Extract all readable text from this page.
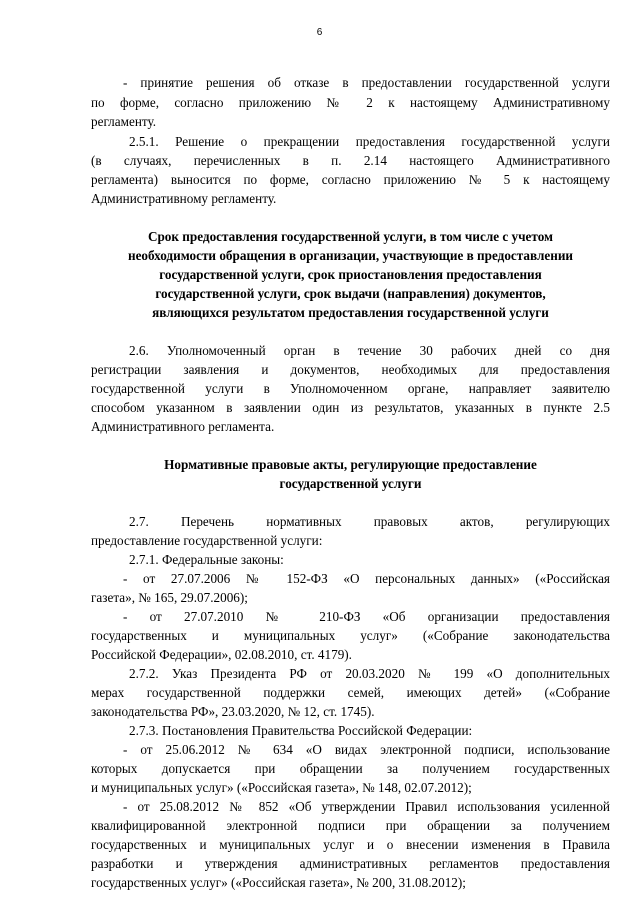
6
- принятие решения об отказе в предоставлении государственной услуги
по форме, согласно приложению № 2 к настоящему Административному
регламенту.
2.5.1. Решение о прекращении предоставления государственной услуги
(в случаях, перечисленных в п. 2.14 настоящего Административного
регламента) выносится по форме, согласно приложению № 5 к настоящему
Административному регламенту.
Срок предоставления государственной услуги, в том числе с учетом
необходимости обращения в организации, участвующие в предоставлении
государственной услуги, срок приостановления предоставления
государственной услуги, срок выдачи (направления) документов,
являющихся результатом предоставления государственной услуги
2.6. Уполномоченный орган в течение 30 рабочих дней со дня
регистрации заявления и документов, необходимых для предоставления
государственной услуги в Уполномоченном органе, направляет заявителю
способом указанном в заявлении один из результатов, указанных в пункте 2.5
Административного регламента.
Нормативные правовые акты, регулирующие предоставление
государственной услуги
2.7. Перечень нормативных правовых актов, регулирующих
предоставление государственной услуги:
2.7.1. Федеральные законы:
- от 27.07.2006 № 152-ФЗ «О персональных данных» («Российская
газета», № 165, 29.07.2006);
- от 27.07.2010 № 210-ФЗ «Об организации предоставления
государственных и муниципальных услуг» («Собрание законодательства
Российской Федерации», 02.08.2010, ст. 4179).
2.7.2. Указ Президента РФ от 20.03.2020 № 199 «О дополнительных
мерах государственной поддержки семей, имеющих детей» («Собрание
законодательства РФ», 23.03.2020, № 12, ст. 1745).
2.7.3. Постановления Правительства Российской Федерации:
- от 25.06.2012 № 634 «О видах электронной подписи, использование
которых допускается при обращении за получением государственных
и муниципальных услуг» («Российская газета», № 148, 02.07.2012);
- от 25.08.2012 № 852 «Об утверждении Правил использования усиленной
квалифицированной электронной подписи при обращении за получением
государственных и муниципальных услуг и о внесении изменения в Правила
разработки и утверждения административных регламентов предоставления
государственных услуг» («Российская газета», № 200, 31.08.2012);
